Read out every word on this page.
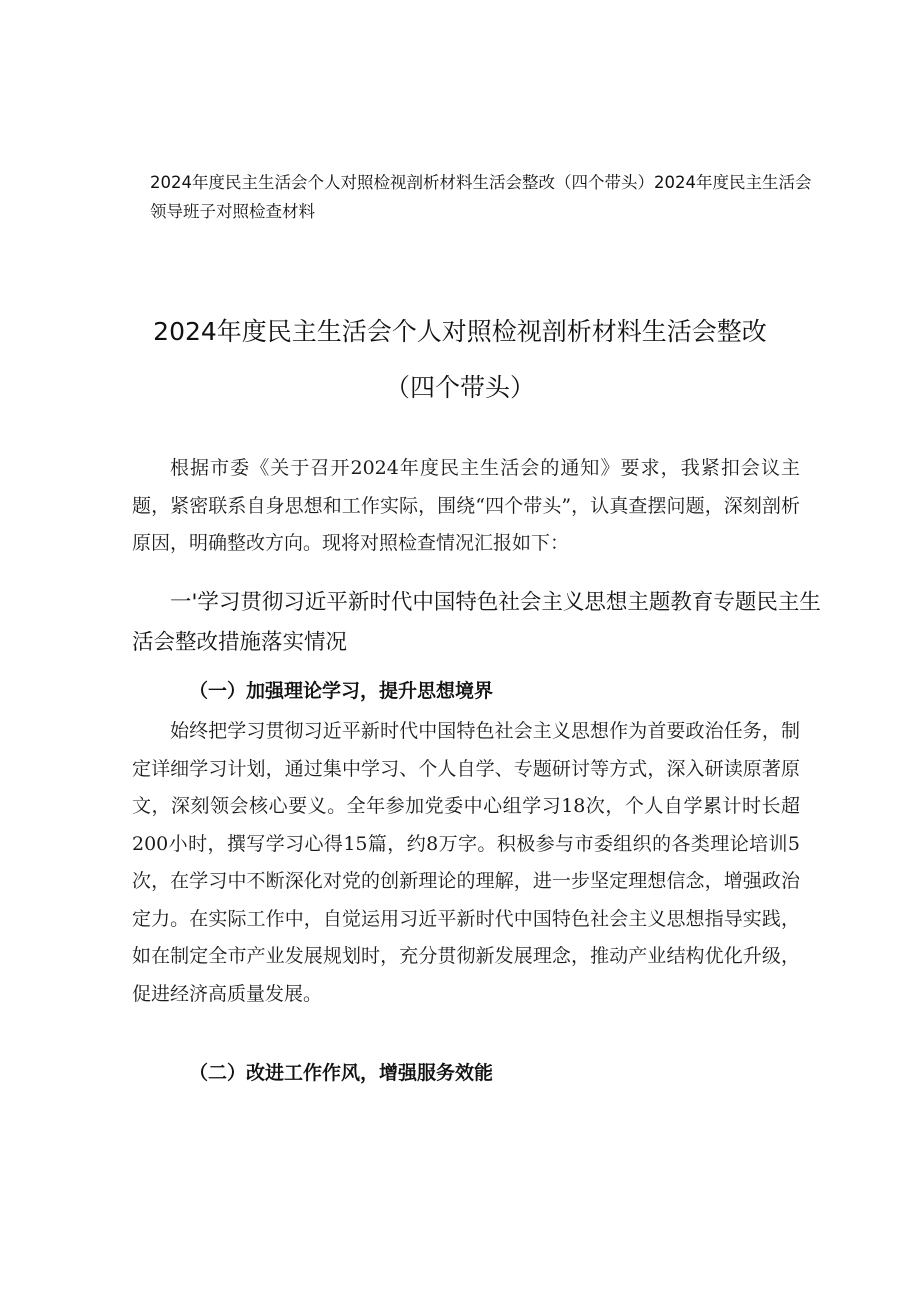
2024年度民主生活会个人对照检视剖析材料生活会整改（四个带头）2024年度民主生活会
领导班子对照检查材料
2024年度民主生活会个人对照检视剖析材料生活会整改
（四个带头）

根据市委《关于召开2024年度民主生活会的通知》要求，我紧扣会议主题，紧密联系自身思想和工作实际，围绕“四个带头”，认真查摆问题，深刻剖析原因，明确整改方向。现将对照检查情况汇报如下：

一'学习贯彻习近平新时代中国特色社会主义思想主题教育专题民主生活会整改措施落实情况
（一）加强理论学习，提升思想境界

始终把学习贯彻习近平新时代中国特色社会主义思想作为首要政治任务，制定详细学习计划，通过集中学习、个人自学、专题研讨等方式，深入研读原著原文，深刻领会核心要义。全年参加党委中心组学习18次，个人自学累计时长超200小时，撰写学习心得15篇，约8万字。积极参与市委组织的各类理论培训5次，在学习中不断深化对党的创新理论的理解，进一步坚定理想信念，增强政治定力。在实际工作中，自觉运用习近平新时代中国特色社会主义思想指导实践，如在制定全市产业发展规划时，充分贯彻新发展理念，推动产业结构优化升级，促进经济高质量发展。

（二）改进工作作风，增强服务效能
